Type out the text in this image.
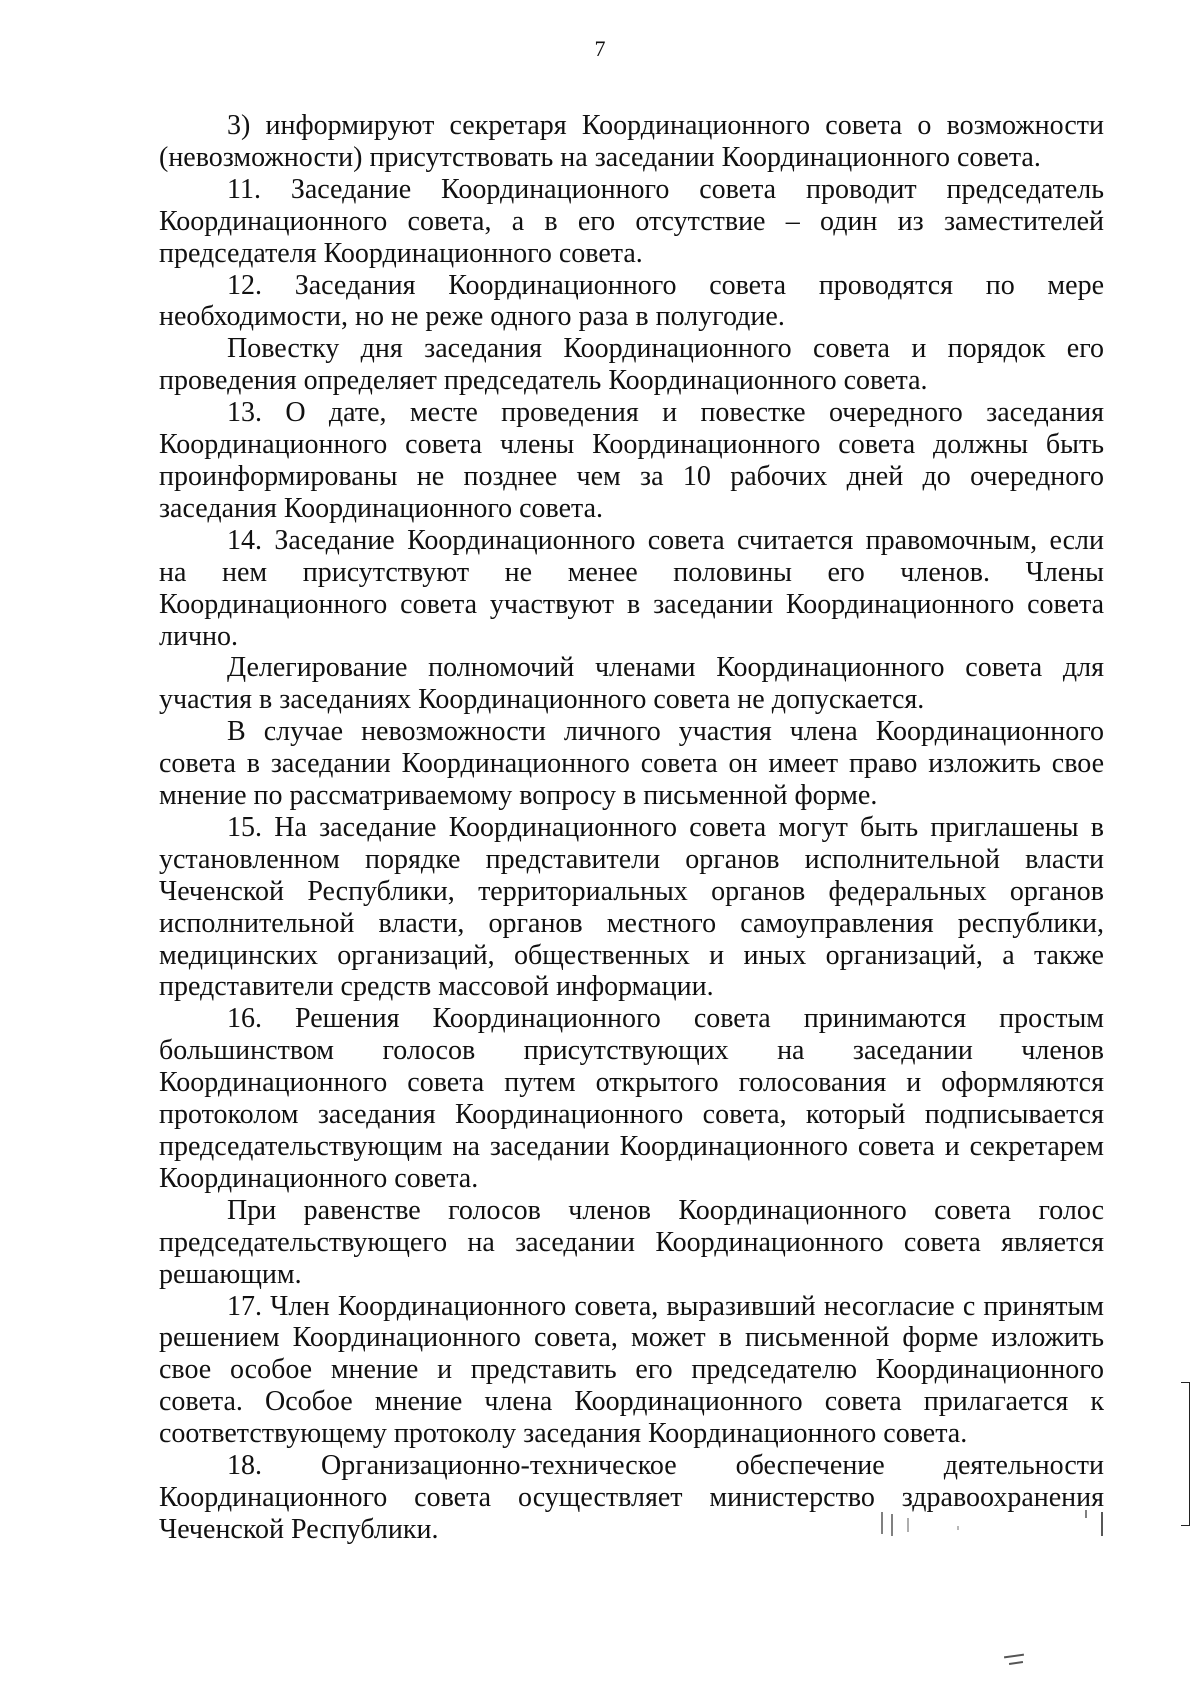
7

3) информируют секретаря Координационного совета о возможности (невозможности) присутствовать на заседании Координационного совета.

11. Заседание Координационного совета проводит председатель Координационного совета, а в его отсутствие – один из заместителей председателя Координационного совета.

12. Заседания Координационного совета проводятся по мере необходимости, но не реже одного раза в полугодие.

Повестку дня заседания Координационного совета и порядок его проведения определяет председатель Координационного совета.

13. О дате, месте проведения и повестке очередного заседания Координационного совета члены Координационного совета должны быть проинформированы не позднее чем за 10 рабочих дней до очередного заседания Координационного совета.

14. Заседание Координационного совета считается правомочным, если на нем присутствуют не менее половины его членов. Члены Координационного совета участвуют в заседании Координационного совета лично.

Делегирование полномочий членами Координационного совета для участия в заседаниях Координационного совета не допускается.

В случае невозможности личного участия члена Координационного совета в заседании Координационного совета он имеет право изложить свое мнение по рассматриваемому вопросу в письменной форме.

15. На заседание Координационного совета могут быть приглашены в установленном порядке представители органов исполнительной власти Чеченской Республики, территориальных органов федеральных органов исполнительной власти, органов местного самоуправления республики, медицинских организаций, общественных и иных организаций, а также представители средств массовой информации.

16. Решения Координационного совета принимаются простым большинством голосов присутствующих на заседании членов Координационного совета путем открытого голосования и оформляются протоколом заседания Координационного совета, который подписывается председательствующим на заседании Координационного совета и секретарем Координационного совета.

При равенстве голосов членов Координационного совета голос председательствующего на заседании Координационного совета является решающим.

17. Член Координационного совета, выразивший несогласие с принятым решением Координационного совета, может в письменной форме изложить свое особое мнение и представить его председателю Координационного совета. Особое мнение члена Координационного совета прилагается к соответствующему протоколу заседания Координационного совета.

18. Организационно-техническое обеспечение деятельности Координационного совета осуществляет министерство здравоохранения Чеченской Республики.
